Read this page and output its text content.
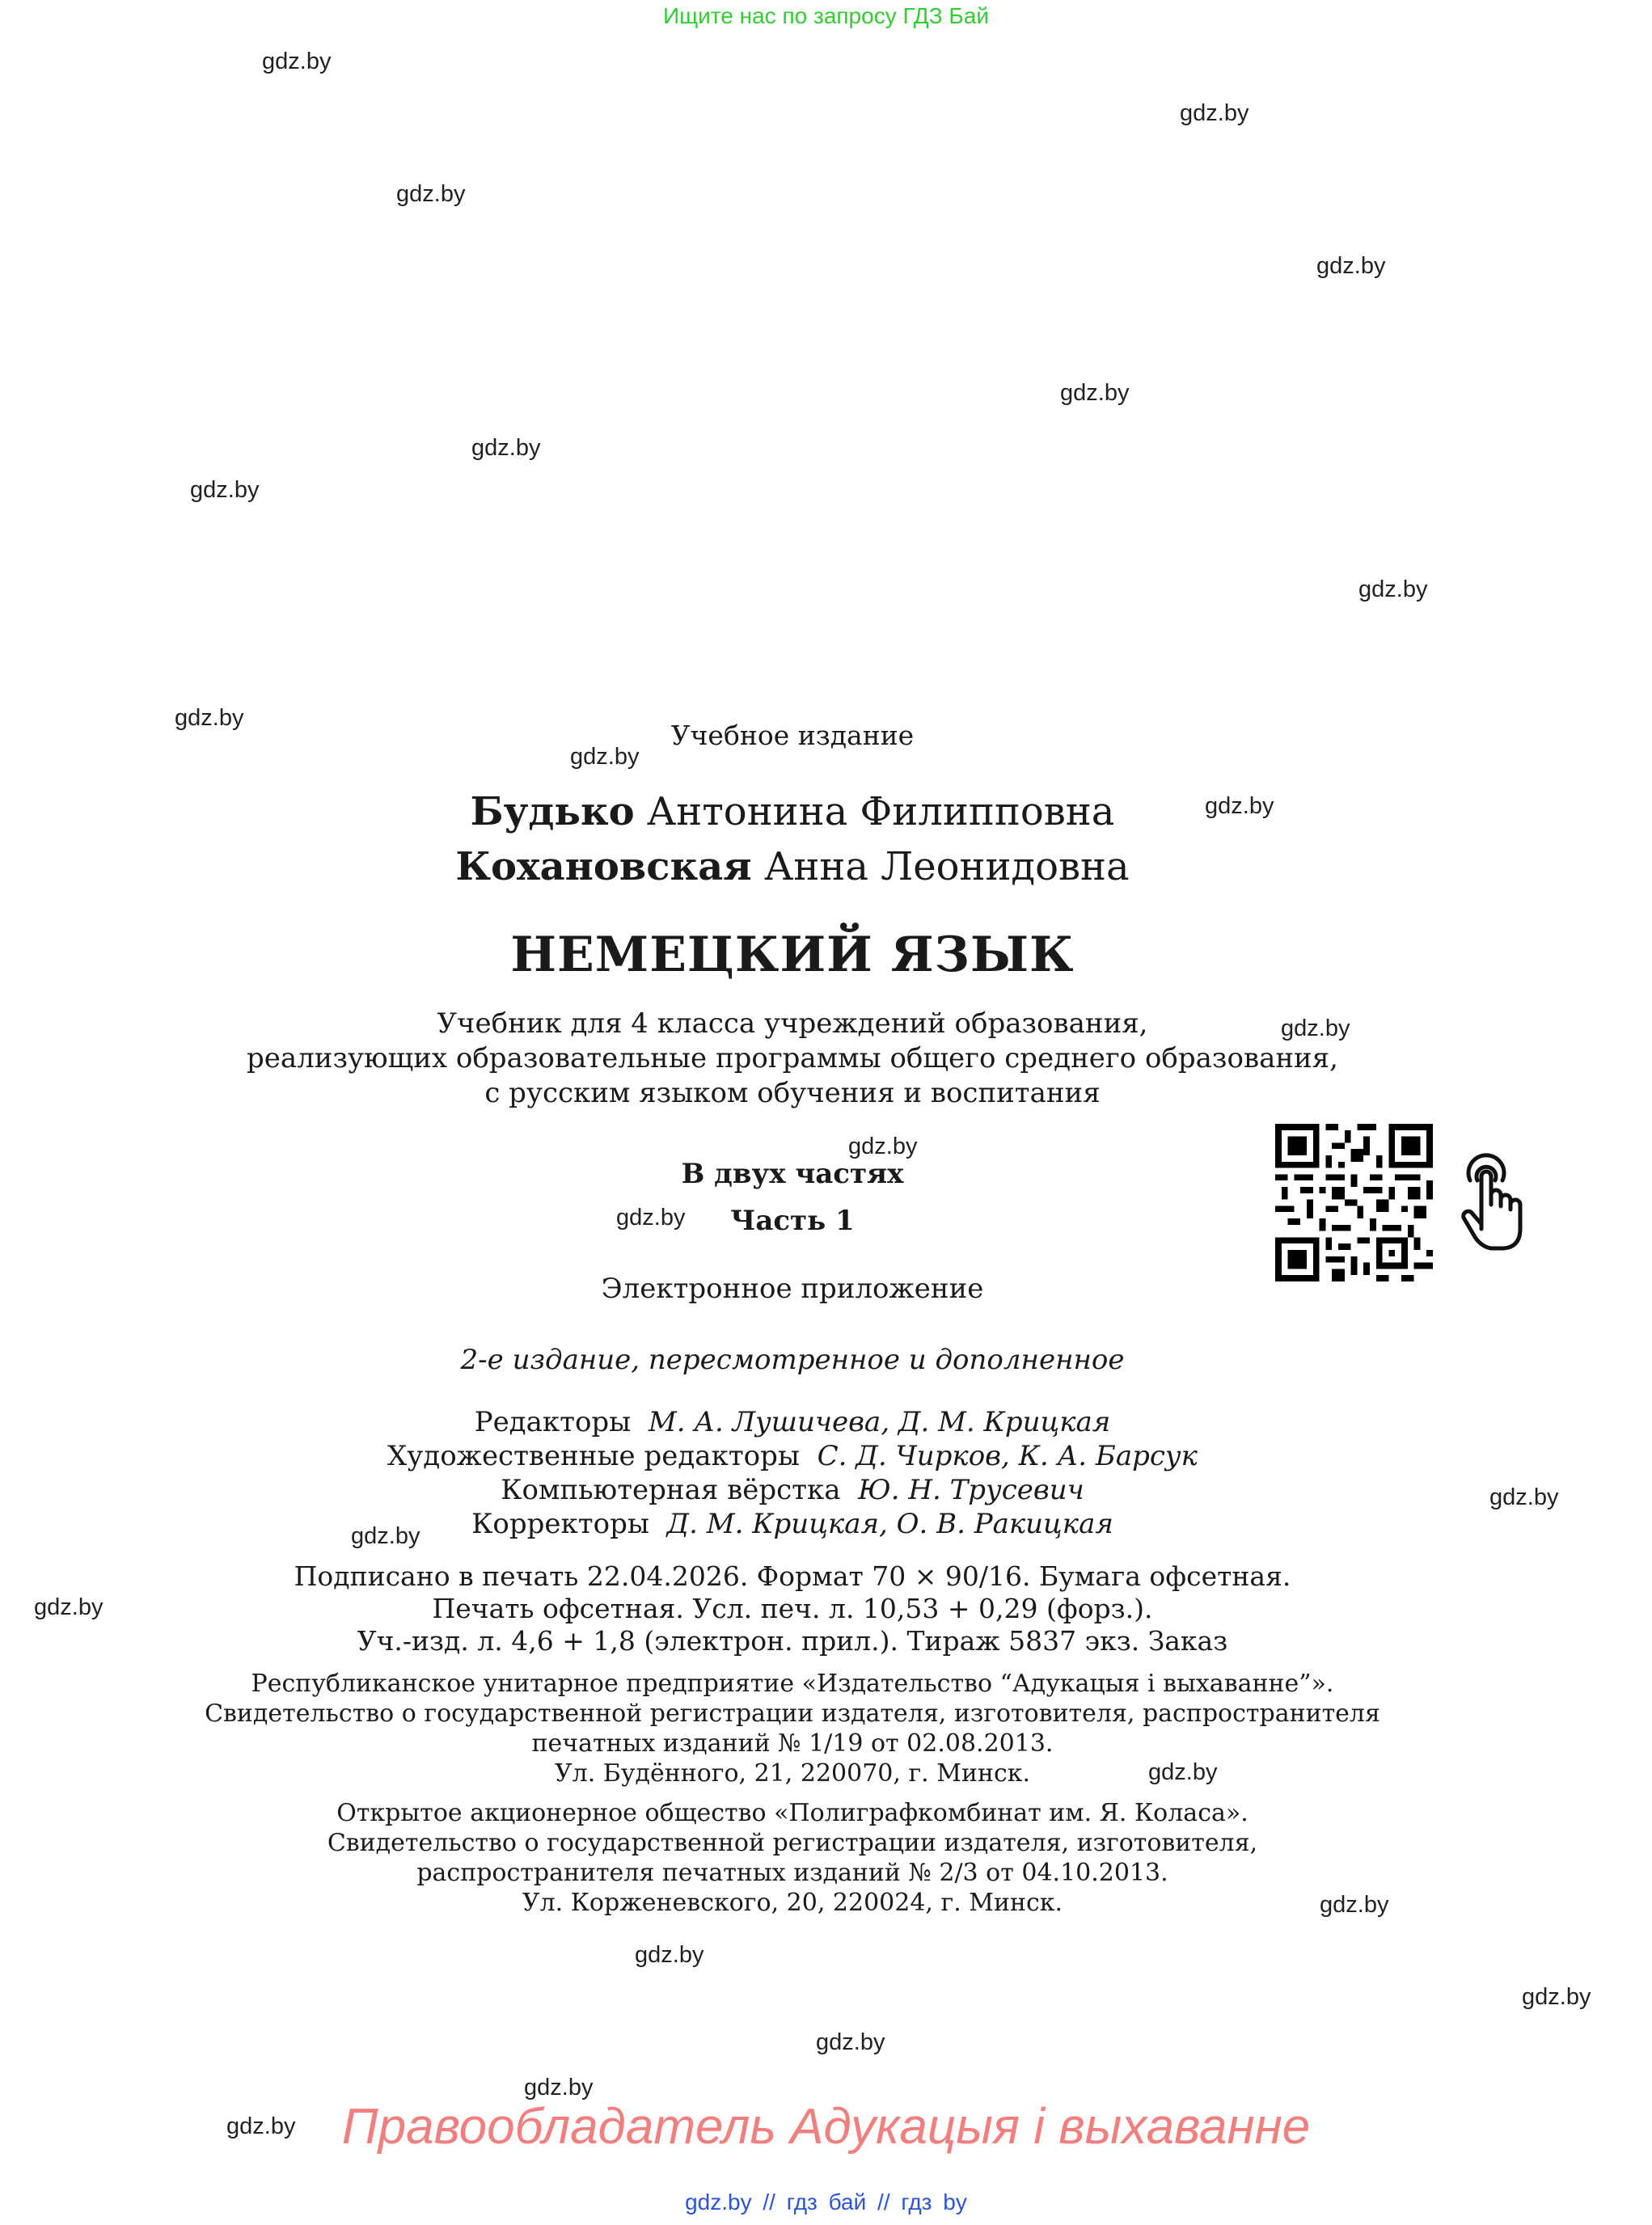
Ищите нас по запросу ГДЗ Бай
gdz.by
gdz.by
gdz.by
gdz.by
gdz.by
gdz.by
gdz.by
gdz.by
gdz.by
gdz.by
gdz.by
gdz.by
gdz.by
gdz.by
gdz.by
gdz.by
gdz.by
gdz.by
gdz.by
gdz.by
gdz.by
gdz.by
gdz.by
gdz.by
Учебное издание
Будько Антонина Филипповна
Кохановская Анна Леонидовна
НЕМЕЦКИЙ ЯЗЫК
Учебник для 4 класса учреждений образования,
реализующих образовательные программы общего среднего образования,
с русским языком обучения и воспитания
В двух частях
Часть 1
Электронное приложение
2-е издание, пересмотренное и дополненное
Редакторы М. А. Лушичева, Д. М. Крицкая
Художественные редакторы С. Д. Чирков, К. А. Барсук
Компьютерная вёрстка Ю. Н. Трусевич
Корректоры Д. М. Крицкая, О. В. Ракицкая
Подписано в печать 22.04.2026. Формат 70 × 90/16. Бумага офсетная.
Печать офсетная. Усл. печ. л. 10,53 + 0,29 (форз.).
Уч.-изд. л. 4,6 + 1,8 (электрон. прил.). Тираж 5837 экз. Заказ
Республиканское унитарное предприятие «Издательство “Адукацыя і выхаванне”».
Свидетельство о государственной регистрации издателя, изготовителя, распространителя
печатных изданий № 1/19 от 02.08.2013.
Ул. Будённого, 21, 220070, г. Минск.
Открытое акционерное общество «Полиграфкомбинат им. Я. Коласа».
Свидетельство о государственной регистрации издателя, изготовителя,
распространителя печатных изданий № 2/3 от 04.10.2013.
Ул. Корженевского, 20, 220024, г. Минск.
Правообладатель Адукацыя і выхаванне
gdz.by // гдз бай // гдз by
